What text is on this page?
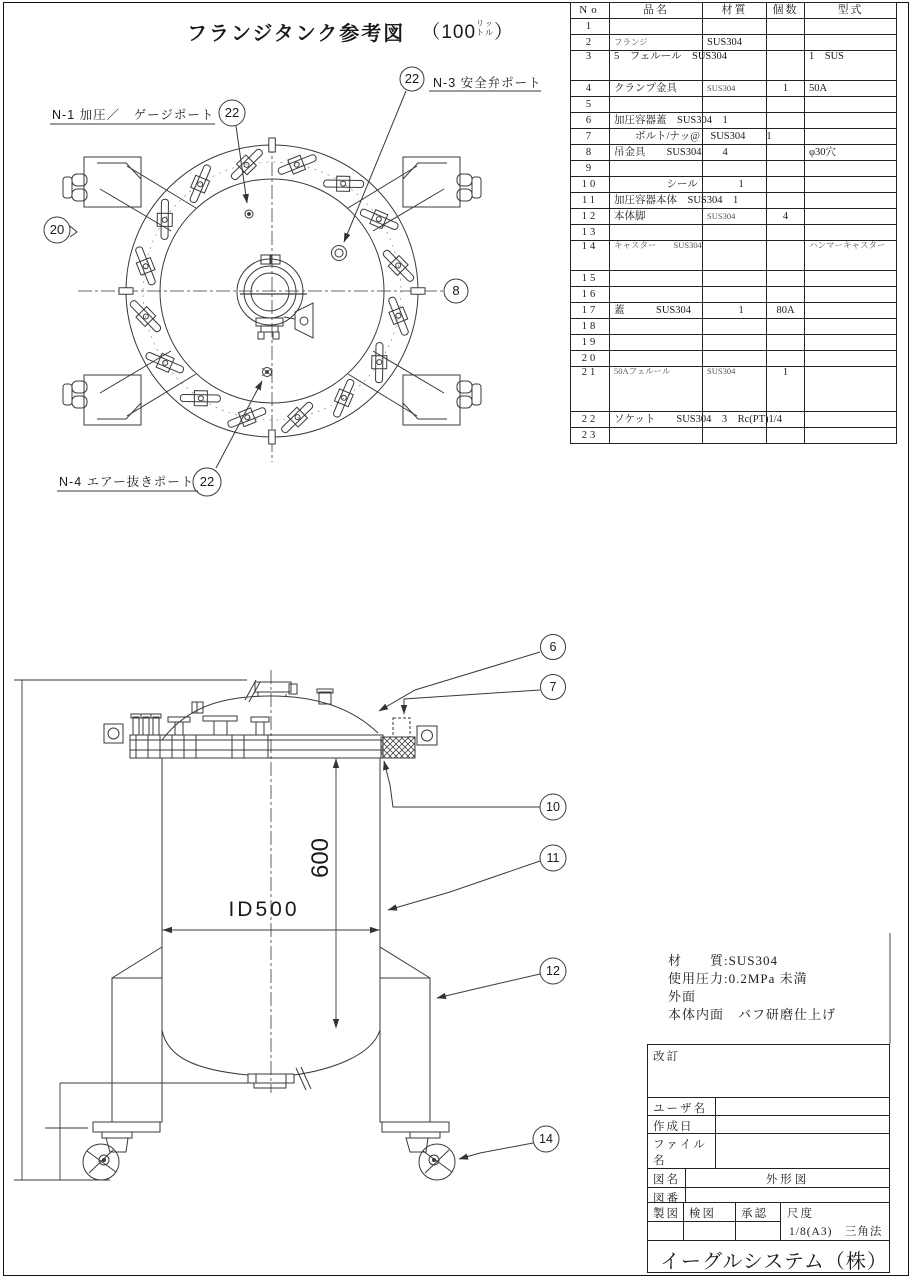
20
22
22
22
8
N-1 加圧／　ゲージポート
N-3 安全弁ポート
N-4 エアー抜きポート
6
7
10
11
12
14
600
ID500
フランジタンク参考図 （100 リッ
トル ）
No	品名	材質	個数	型式
1				
2	フランジ	SUS304		
3	5　フェルール　SUS304			1　SUS
4	クランプ金具	SUS304	1	50A
5				
6	加圧容器蓋　SUS304　1			
7	　　ボルト/ナッ@　SUS304　　1			
8	吊金具　　SUS304　　4			φ30穴
9				
10	　　　　　シール	　　　1		
11	加圧容器本体　SUS304　1			
12	本体脚	SUS304	4	
13				
14	キャスター　　SUS304			ハンマーキャスター
15				
16				
17	蓋　　　SUS304	　　　1	80A	
18				
19				
20				
21	50Aフェルール	SUS304	1	
22	ソケット　　SUS304　3　Rc(PT)1/4			
23				
材　　質:SUS304
使用圧力:0.2MPa 未満
外面
本体内面　バフ研磨仕上げ
改訂
ユーザ名
作成日
ファイル名
図名	外形図
図番
製図 検図	承認	尺度
1/8(A3)　三角法
イーグルシステム（株）
